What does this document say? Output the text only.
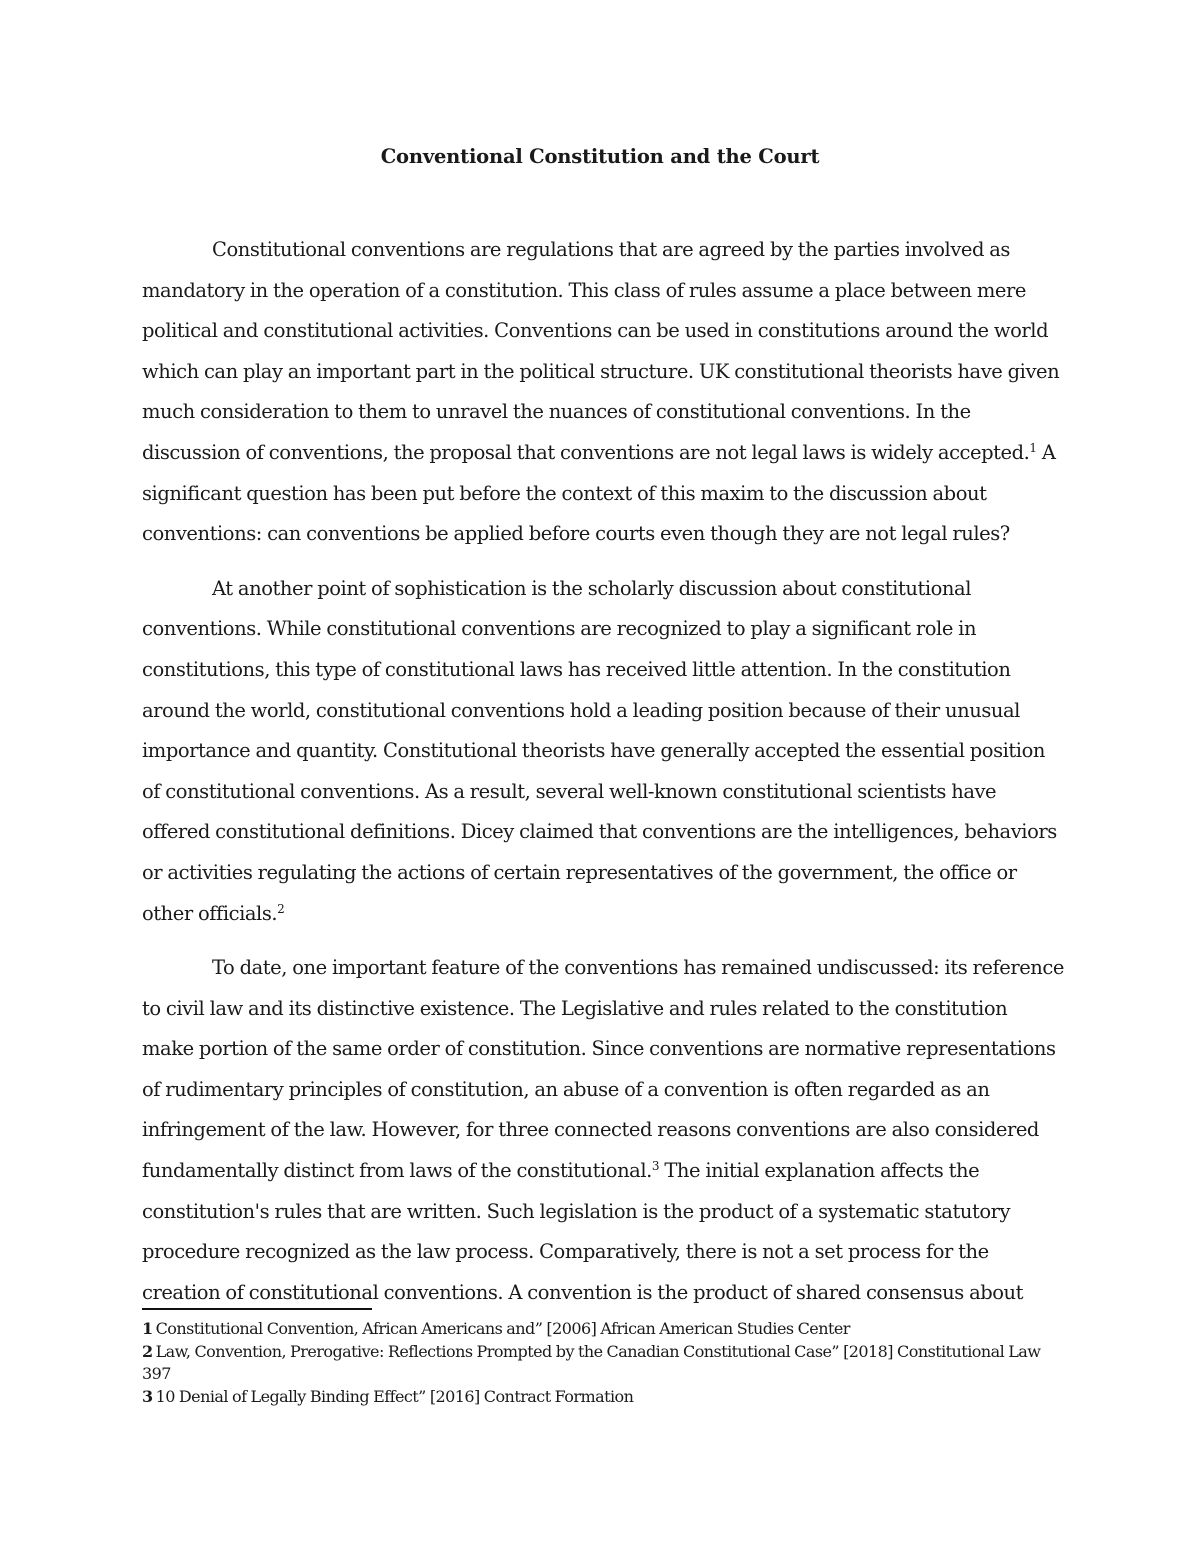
Conventional Constitution and the Court

Constitutional conventions are regulations that are agreed by the parties involved as
mandatory in the operation of a constitution. This class of rules assume a place between mere
political and constitutional activities. Conventions can be used in constitutions around the world
which can play an important part in the political structure. UK constitutional theorists have given
much consideration to them to unravel the nuances of constitutional conventions. In the
discussion of conventions, the proposal that conventions are not legal laws is widely accepted.$^1$ A
significant question has been put before the context of this maxim to the discussion about
conventions: can conventions be applied before courts even though they are not legal rules?

At another point of sophistication is the scholarly discussion about constitutional
conventions. While constitutional conventions are recognized to play a significant role in
constitutions, this type of constitutional laws has received little attention. In the constitution
around the world, constitutional conventions hold a leading position because of their unusual
importance and quantity. Constitutional theorists have generally accepted the essential position
of constitutional conventions. As a result, several well-known constitutional scientists have
offered constitutional definitions. Dicey claimed that conventions are the intelligences, behaviors
or activities regulating the actions of certain representatives of the government, the office or
other officials.$^2$

To date, one important feature of the conventions has remained undiscussed: its reference
to civil law and its distinctive existence. The Legislative and rules related to the constitution
make portion of the same order of constitution. Since conventions are normative representations
of rudimentary principles of constitution, an abuse of a convention is often regarded as an
infringement of the law. However, for three connected reasons conventions are also considered
fundamentally distinct from laws of the constitutional.$^3$ The initial explanation affects the
constitution's rules that are written. Such legislation is the product of a systematic statutory
procedure recognized as the law process. Comparatively, there is not a set process for the
creation of constitutional conventions. A convention is the product of shared consensus about

1 Constitutional Convention, African Americans and” [2006] African American Studies Center

2 Law, Convention, Prerogative: Reflections Prompted by the Canadian Constitutional Case” [2018] Constitutional Law 397

3 10 Denial of Legally Binding Effect” [2016] Contract Formation
